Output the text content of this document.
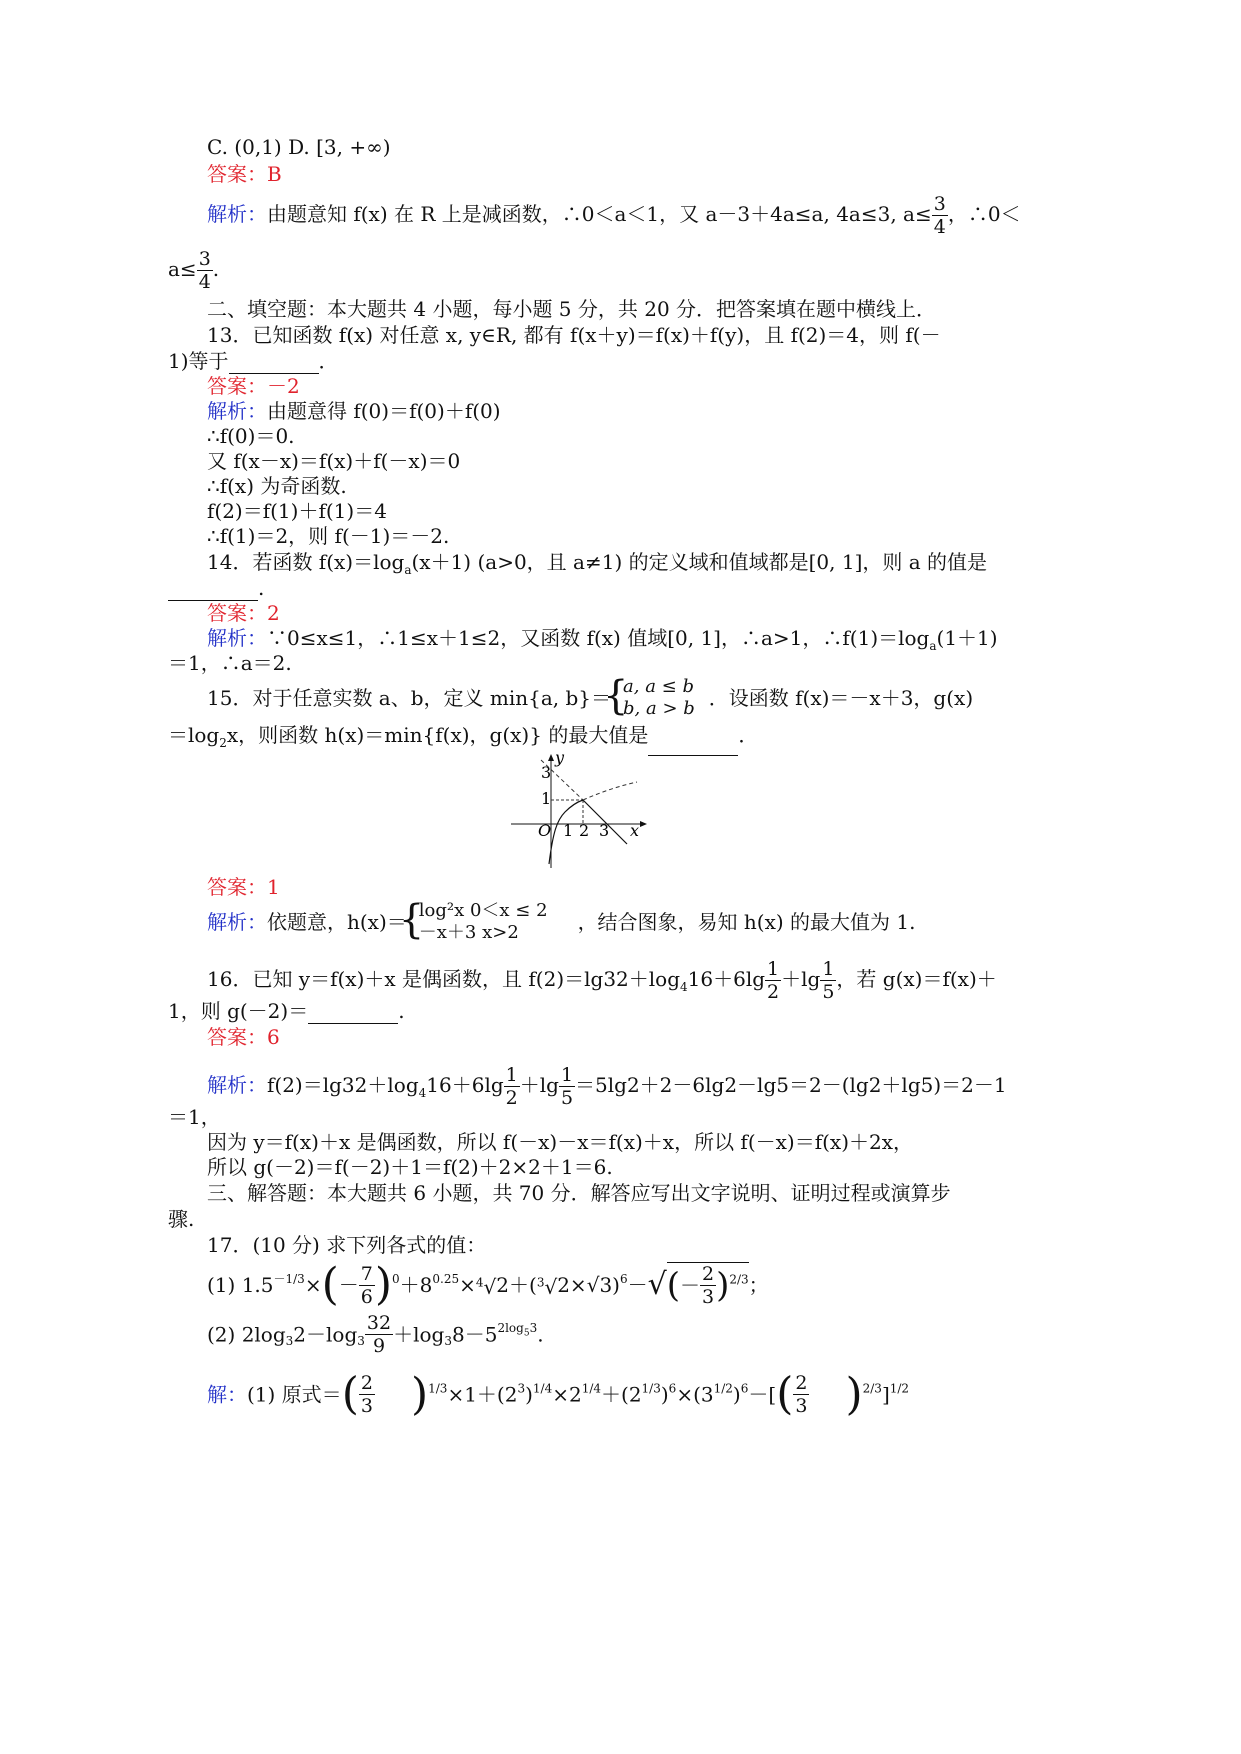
C. (0,1) D. [3, +∞)
答案：B
解析：由题意知 f(x) 在 R 上是减函数，∴0＜a＜1，又 a－3＋4a≤a, 4a≤3, $a\le \frac{3}{4}$ ，∴0＜
$a\le \frac{3}{4}$ .
二、填空题：本大题共 4 小题，每小题 5 分，共 20 分．把答案填在题中横线上．
13．已知函数 f(x) 对任意 x, y∈R, 都有 f(x＋y)＝f(x)＋f(y)，且 f(2)＝4，则 f(－
1)等于	．
答案：－2
解析：由题意得 f(0)＝f(0)＋f(0)
∴f(0)＝0.
又 f(x－x)＝f(x)＋f(－x)＝0
∴f(x) 为奇函数.
f(2)＝f(1)＋f(1)＝4
∴f(1)＝2，则 f(－1)＝－2.
14．若函数 $f(x)=\log_a(x+1)$ (a>0，且 a≠1) 的定义域和值域都是[0, 1]，则 a 的值是
.
答案：2
解析：∵0≤x≤1，∴1≤x＋1≤2，又函数 f(x) 值域[0, 1]，∴a>1，$\therefore f(1)=\log_a(1+1)$
＝1，∴a＝2.
15．对于任意实数 a、b，定义 min{a, b}＝
{
a, a ≤ b
b, a > b ．设函数 f(x)＝－x＋3，g(x)
$=\log_2x$，则函数 h(x)＝min{f(x)，g(x)} 的最大值是	．
y
x
O
3
1
1 2 3
答案：1
解析：依题意，h(x)＝
{
log²x 0＜x ≤ 2
－x＋3 x>2	，结合图象，易知 h(x) 的最大值为 1.
16．已知 y＝f(x)＋x 是偶函数，且 $f(2)=\lg 32+\log_416+6\lg \frac{1}{2} +\lg \frac{1}{5}$ ，若 g(x)＝f(x)＋
1，则 g(－2)＝	.
答案：6
解析：$f(2)=\lg 32+\log_416+6\lg \frac{1}{2} +\lg \frac{1}{5} =5\lg 2+2-6\lg 2-\lg 5=2-(\lg 2+\lg 5)=2-1$
＝1，
因为 y＝f(x)＋x 是偶函数，所以 f(－x)－x＝f(x)＋x，所以 f(－x)＝f(x)＋2x，
所以 g(－2)＝f(－2)＋1＝f(2)＋2×2＋1＝6.
三、解答题：本大题共 6 小题，共 70 分．解答应写出文字说明、证明过程或演算步
骤.
17．(10 分) 求下列各式的值：
(1) $1.5^{-1/3}\times(- \frac{7}{6} )^0+8^{0.25}\times^4√2+(^3√2\times√3)^6-√(- \frac{2}{3} )^{2/3}$；
(2) $2\log_32-\log_3 \frac{32}{9} +\log_38-5^{2log_53}$.
解：(1) 原式＝( $\frac{2}{3} )^{1/3}\times 1+(2^3)^{1/4}\times 2^{1/4}+(2^{1/3})^6\times(3^{1/2})^6-[( \frac{2}{3} )^{2/3}]^{1/2}$
